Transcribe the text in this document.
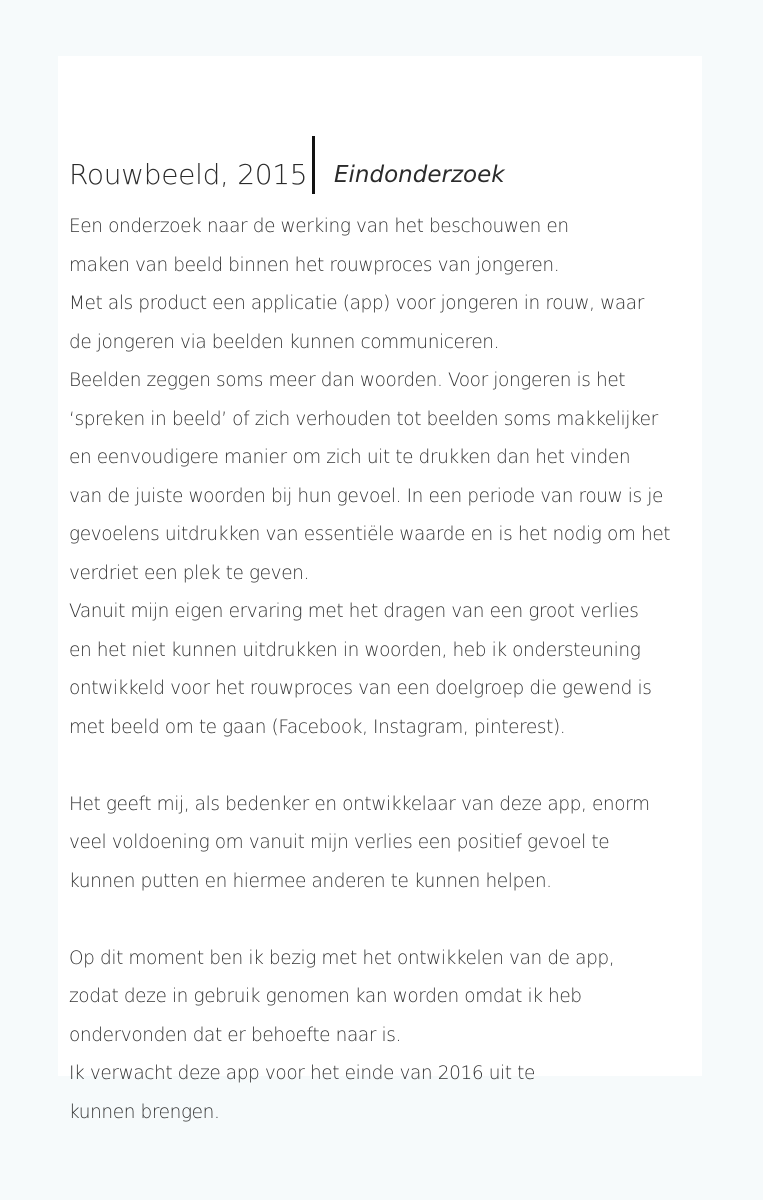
Rouwbeeld, 2015 Eindonderzoek
Een onderzoek naar de werking van het beschouwen en
maken van beeld binnen het rouwproces van jongeren.
Met als product een applicatie (app) voor jongeren in rouw, waar
de jongeren via beelden kunnen communiceren.
Beelden zeggen soms meer dan woorden. Voor jongeren is het
‘spreken in beeld’ of zich verhouden tot beelden soms makkelijker
en eenvoudigere manier om zich uit te drukken dan het vinden
van de juiste woorden bij hun gevoel. In een periode van rouw is je
gevoelens uitdrukken van essentiële waarde en is het nodig om het
verdriet een plek te geven.
Vanuit mijn eigen ervaring met het dragen van een groot verlies
en het niet kunnen uitdrukken in woorden, heb ik ondersteuning
ontwikkeld voor het rouwproces van een doelgroep die gewend is
met beeld om te gaan (Facebook, Instagram, pinterest).
Het geeft mij, als bedenker en ontwikkelaar van deze app, enorm
veel voldoening om vanuit mijn verlies een positief gevoel te
kunnen putten en hiermee anderen te kunnen helpen.
Op dit moment ben ik bezig met het ontwikkelen van de app,
zodat deze in gebruik genomen kan worden omdat ik heb
ondervonden dat er behoefte naar is.
Ik verwacht deze app voor het einde van 2016 uit te
kunnen brengen.
